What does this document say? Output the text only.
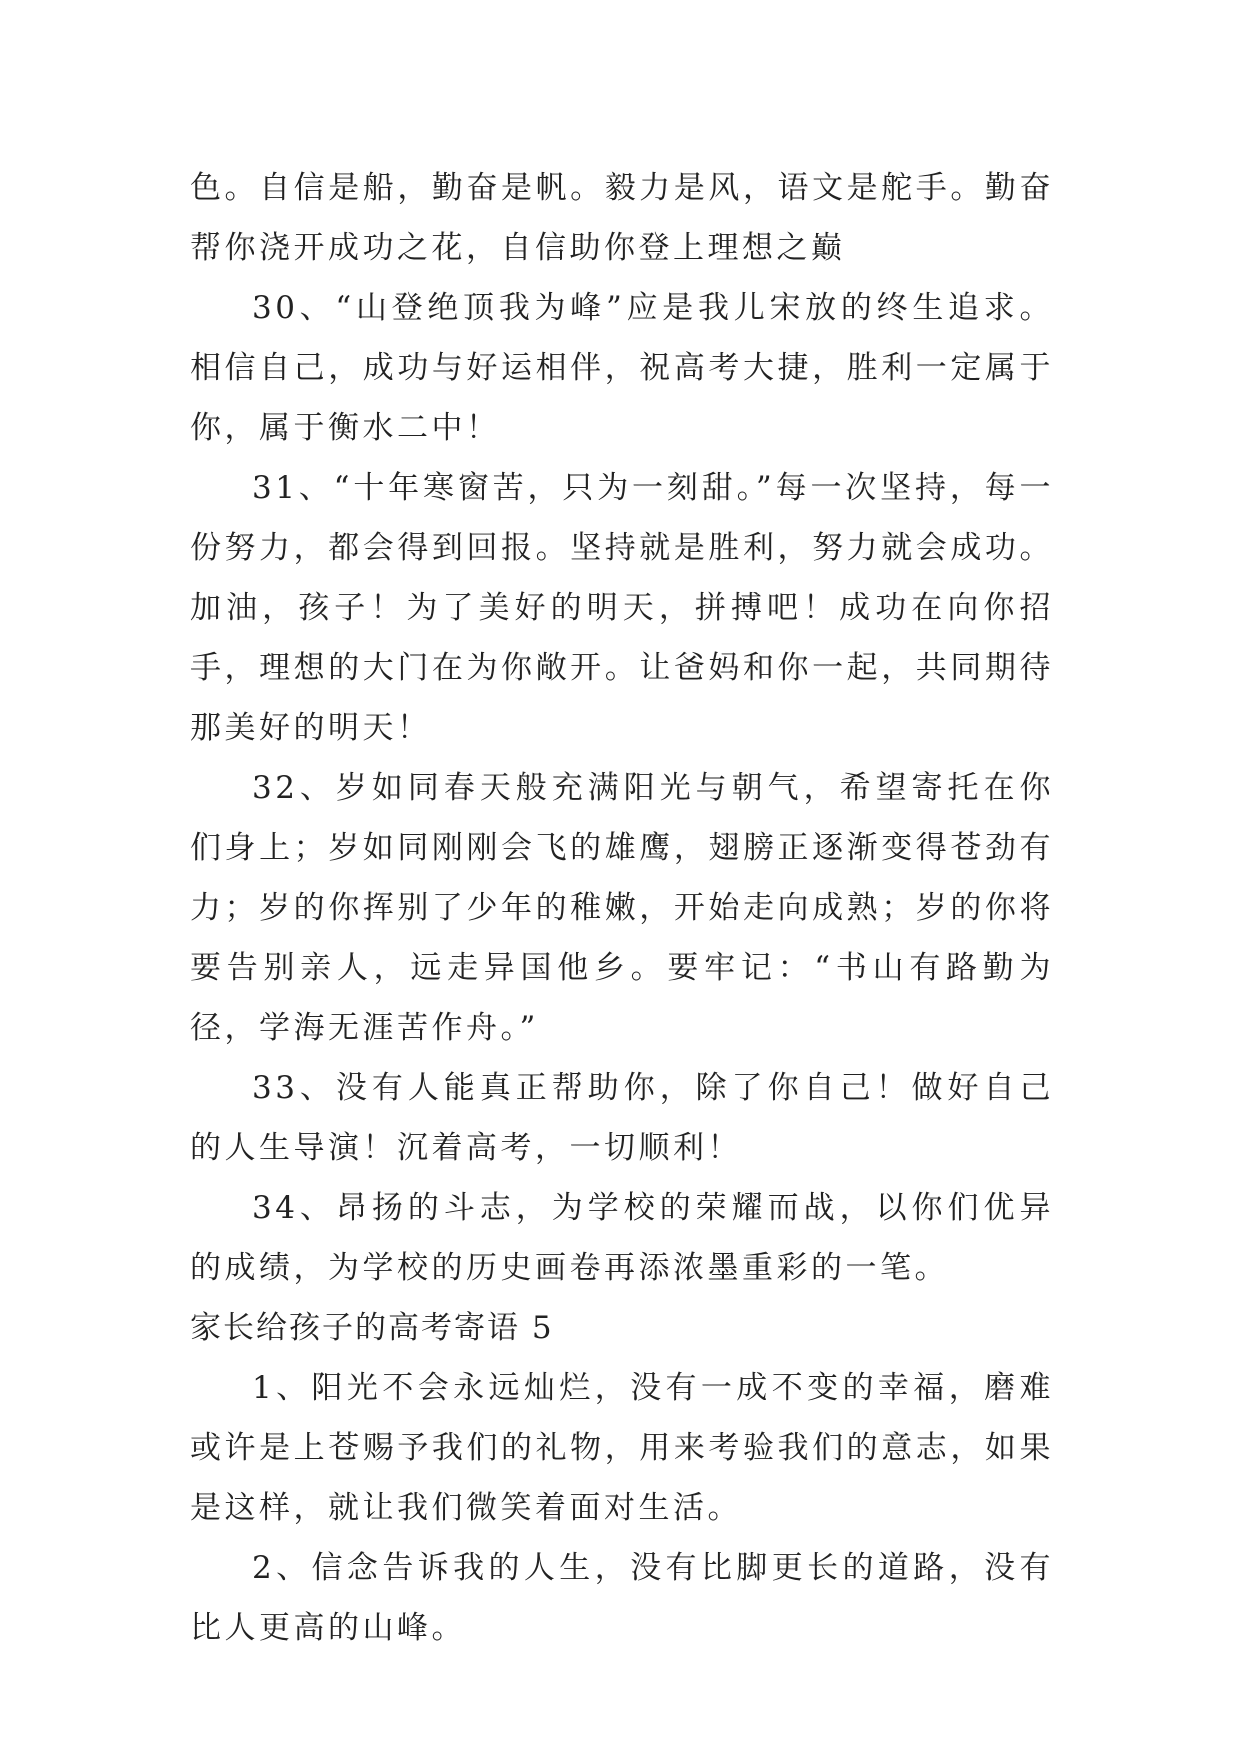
色。自信是船，勤奋是帆。毅力是风，语文是舵手。勤奋帮你浇开成功之花，自信助你登上理想之巅

30、“山登绝顶我为峰”应是我儿宋放的终生追求。相信自己，成功与好运相伴，祝高考大捷，胜利一定属于你，属于衡水二中！

31、“十年寒窗苦，只为一刻甜。”每一次坚持，每一份努力，都会得到回报。坚持就是胜利，努力就会成功。加油，孩子！为了美好的明天，拼搏吧！成功在向你招手，理想的大门在为你敞开。让爸妈和你一起，共同期待那美好的明天！

32、岁如同春天般充满阳光与朝气，希望寄托在你们身上；岁如同刚刚会飞的雄鹰，翅膀正逐渐变得苍劲有力；岁的你挥别了少年的稚嫩，开始走向成熟；岁的你将要告别亲人，远走异国他乡。要牢记：“书山有路勤为径，学海无涯苦作舟。”

33、没有人能真正帮助你，除了你自己！做好自己的人生导演！沉着高考，一切顺利！

34、昂扬的斗志，为学校的荣耀而战，以你们优异的成绩，为学校的历史画卷再添浓墨重彩的一笔。

家长给孩子的高考寄语 5

1、阳光不会永远灿烂，没有一成不变的幸福，磨难或许是上苍赐予我们的礼物，用来考验我们的意志，如果是这样，就让我们微笑着面对生活。

2、信念告诉我的人生，没有比脚更长的道路，没有比人更高的山峰。
